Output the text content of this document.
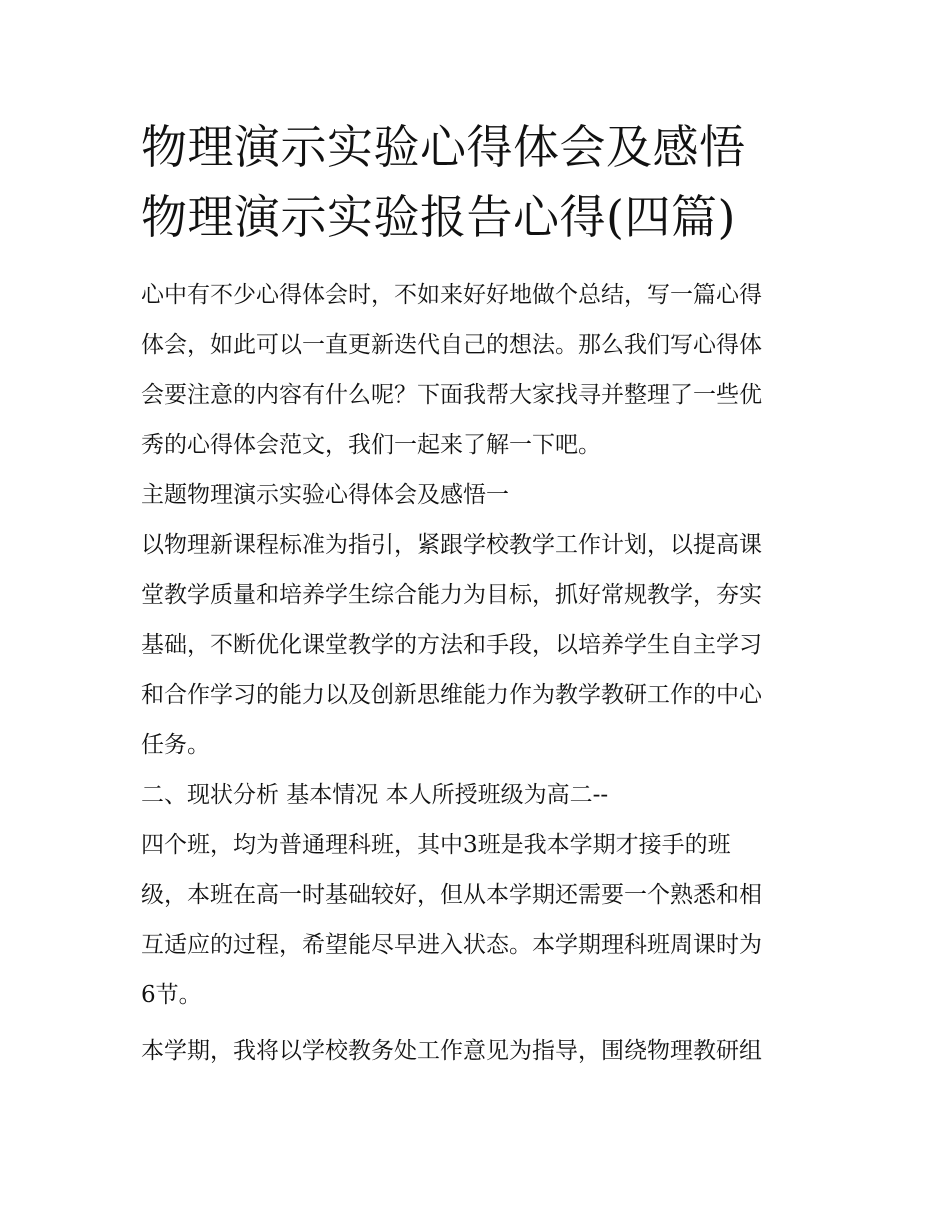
物理演示实验心得体会及感悟
物理演示实验报告心得(四篇)
心中有不少心得体会时，不如来好好地做个总结，写一篇心得
体会，如此可以一直更新迭代自己的想法。那么我们写心得体
会要注意的内容有什么呢？下面我帮大家找寻并整理了一些优
秀的心得体会范文，我们一起来了解一下吧。
主题物理演示实验心得体会及感悟一
以物理新课程标准为指引，紧跟学校教学工作计划，以提高课
堂教学质量和培养学生综合能力为目标，抓好常规教学，夯实
基础，不断优化课堂教学的方法和手段，以培养学生自主学习
和合作学习的能力以及创新思维能力作为教学教研工作的中心
任务。
二、现状分析 基本情况 本人所授班级为高二--
四个班，均为普通理科班，其中3班是我本学期才接手的班
级，本班在高一时基础较好，但从本学期还需要一个熟悉和相
互适应的过程，希望能尽早进入状态。本学期理科班周课时为
6节。
本学期，我将以学校教务处工作意见为指导，围绕物理教研组
